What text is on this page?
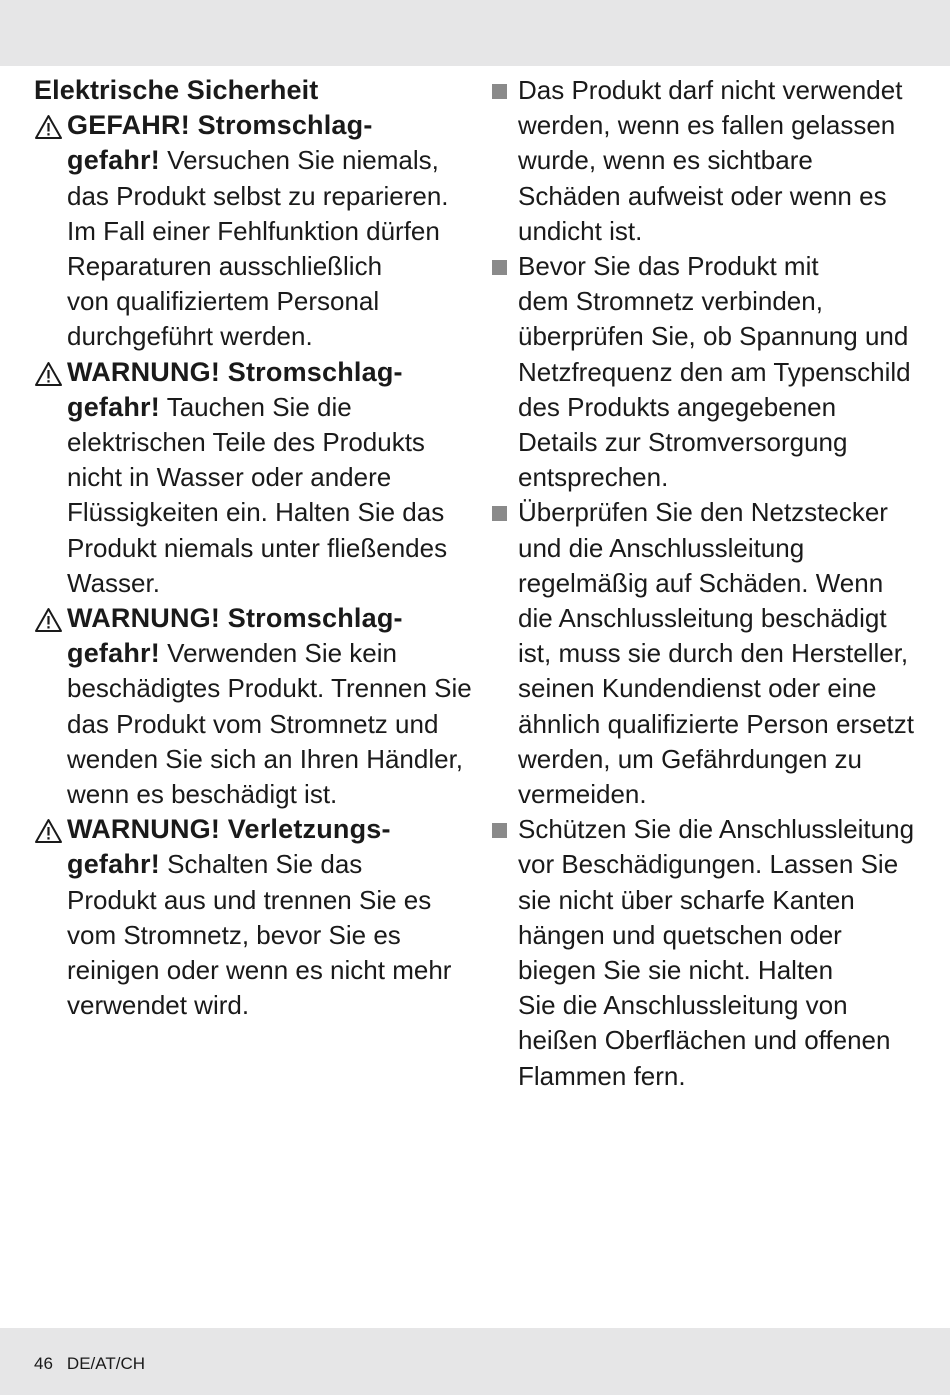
Elektrische Sicherheit
GEFAHR! Stromschlag-
gefahr! Versuchen Sie niemals,
das Produkt selbst zu reparieren.
Im Fall einer Fehlfunktion dürfen
Reparaturen ausschließlich
von qualifiziertem Personal
durchgeführt werden.
WARNUNG! Stromschlag-
gefahr! Tauchen Sie die
elektrischen Teile des Produkts
nicht in Wasser oder andere
Flüssigkeiten ein. Halten Sie das
Produkt niemals unter fließendes
Wasser.
WARNUNG! Stromschlag-
gefahr! Verwenden Sie kein
beschädigtes Produkt. Trennen Sie
das Produkt vom Stromnetz und
wenden Sie sich an Ihren Händler,
wenn es beschädigt ist.
WARNUNG! Verletzungs-
gefahr! Schalten Sie das
Produkt aus und trennen Sie es
vom Stromnetz, bevor Sie es
reinigen oder wenn es nicht mehr
verwendet wird.
Das Produkt darf nicht verwendet
werden, wenn es fallen gelassen
wurde, wenn es sichtbare
Schäden aufweist oder wenn es
undicht ist.
Bevor Sie das Produkt mit
dem Stromnetz verbinden,
überprüfen Sie, ob Spannung und
Netzfrequenz den am Typenschild
des Produkts angegebenen
Details zur Stromversorgung
entsprechen.
Überprüfen Sie den Netzstecker
und die Anschlussleitung
regelmäßig auf Schäden. Wenn
die Anschlussleitung beschädigt
ist, muss sie durch den Hersteller,
seinen Kundendienst oder eine
ähnlich qualifizierte Person ersetzt
werden, um Gefährdungen zu
vermeiden.
Schützen Sie die Anschlussleitung
vor Beschädigungen. Lassen Sie
sie nicht über scharfe Kanten
hängen und quetschen oder
biegen Sie sie nicht. Halten
Sie die Anschlussleitung von
heißen Oberflächen und offenen
Flammen fern.
46 DE/AT/CH
